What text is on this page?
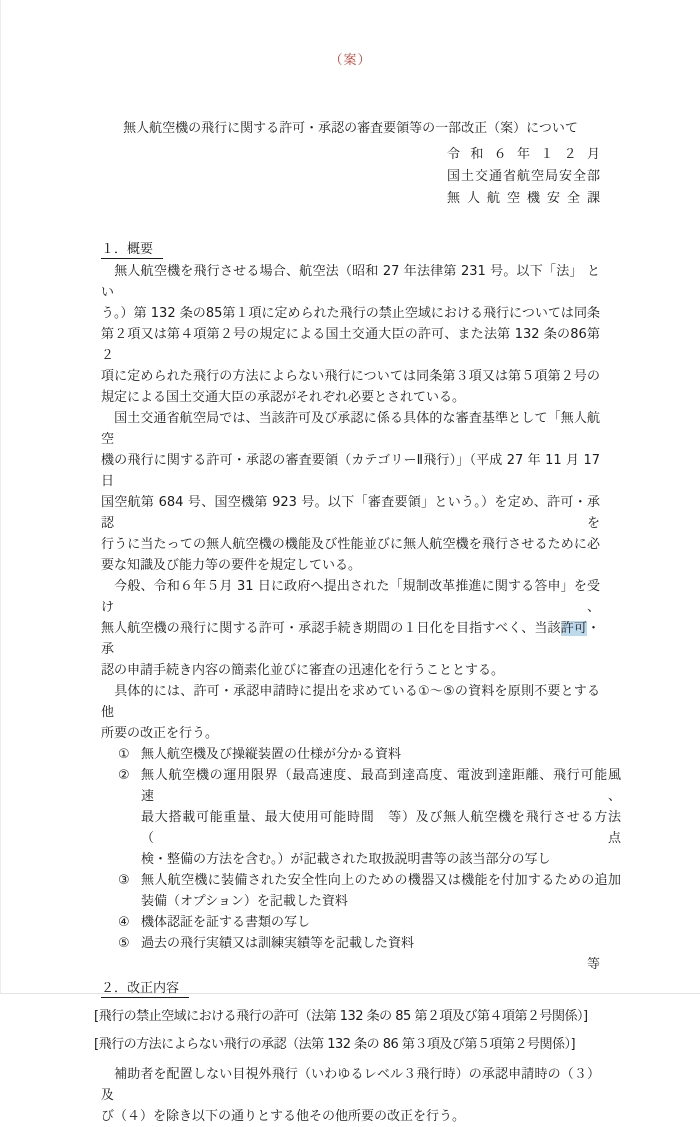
（案）
無人航空機の飛行に関する許可・承認の審査要領等の一部改正（案）について
令和６年１２月
国土交通省航空局安全部
無人航空機安全課
１．概要
　無人航空機を飛行させる場合、航空法（昭和 27 年法律第 231 号。以下「法」 とい
う。）第 132 条の85第１項に定められた飛行の禁止空域における飛行については同条
第２項又は第４項第２号の規定による国土交通大臣の許可、また法第 132 条の86第２
項に定められた飛行の方法によらない飛行については同条第３項又は第５項第２号の
規定による国土交通大臣の承認がそれぞれ必要とされている。
　国土交通省航空局では、当該許可及び承認に係る具体的な審査基準として「無人航空
機の飛行に関する許可・承認の審査要領（カテゴリーⅡ飛行）」（平成 27 年 11 月 17 日
国空航第 684 号、国空機第 923 号。以下「審査要領」という。）を定め、許可・承認を
行うに当たっての無人航空機の機能及び性能並びに無人航空機を飛行させるために必
要な知識及び能力等の要件を規定している。
　今般、令和６年５月 31 日に政府へ提出された「規制改革推進に関する答申」を受け、
無人航空機の飛行に関する許可・承認手続き期間の１日化を目指すべく、当該許可・承
認の申請手続き内容の簡素化並びに審査の迅速化を行うこととする。
　具体的には、許可・承認申請時に提出を求めている①～⑤の資料を原則不要とする他
所要の改正を行う。
① 無人航空機及び操縦装置の仕様が分かる資料
② 無人航空機の運用限界（最高速度、最高到達高度、電波到達距離、飛行可能風速、
最大搭載可能重量、最大使用可能時間　等）及び無人航空機を飛行させる方法（点
検・整備の方法を含む。）が記載された取扱説明書等の該当部分の写し
③ 無人航空機に装備された安全性向上のための機器又は機能を付加するための追加
装備（オプション）を記載した資料
④ 機体認証を証する書類の写し
⑤ 過去の飛行実績又は訓練実績等を記載した資料
等
２．改正内容
[飛行の禁止空域における飛行の許可（法第 132 条の 85 第２項及び第４項第２号関係）]
[飛行の方法によらない飛行の承認（法第 132 条の 86 第３項及び第５項第２号関係）]
　補助者を配置しない目視外飛行（いわゆるレベル３飛行時）の承認申請時の（３）及
び（４）を除き以下の通りとする他その他所要の改正を行う。
